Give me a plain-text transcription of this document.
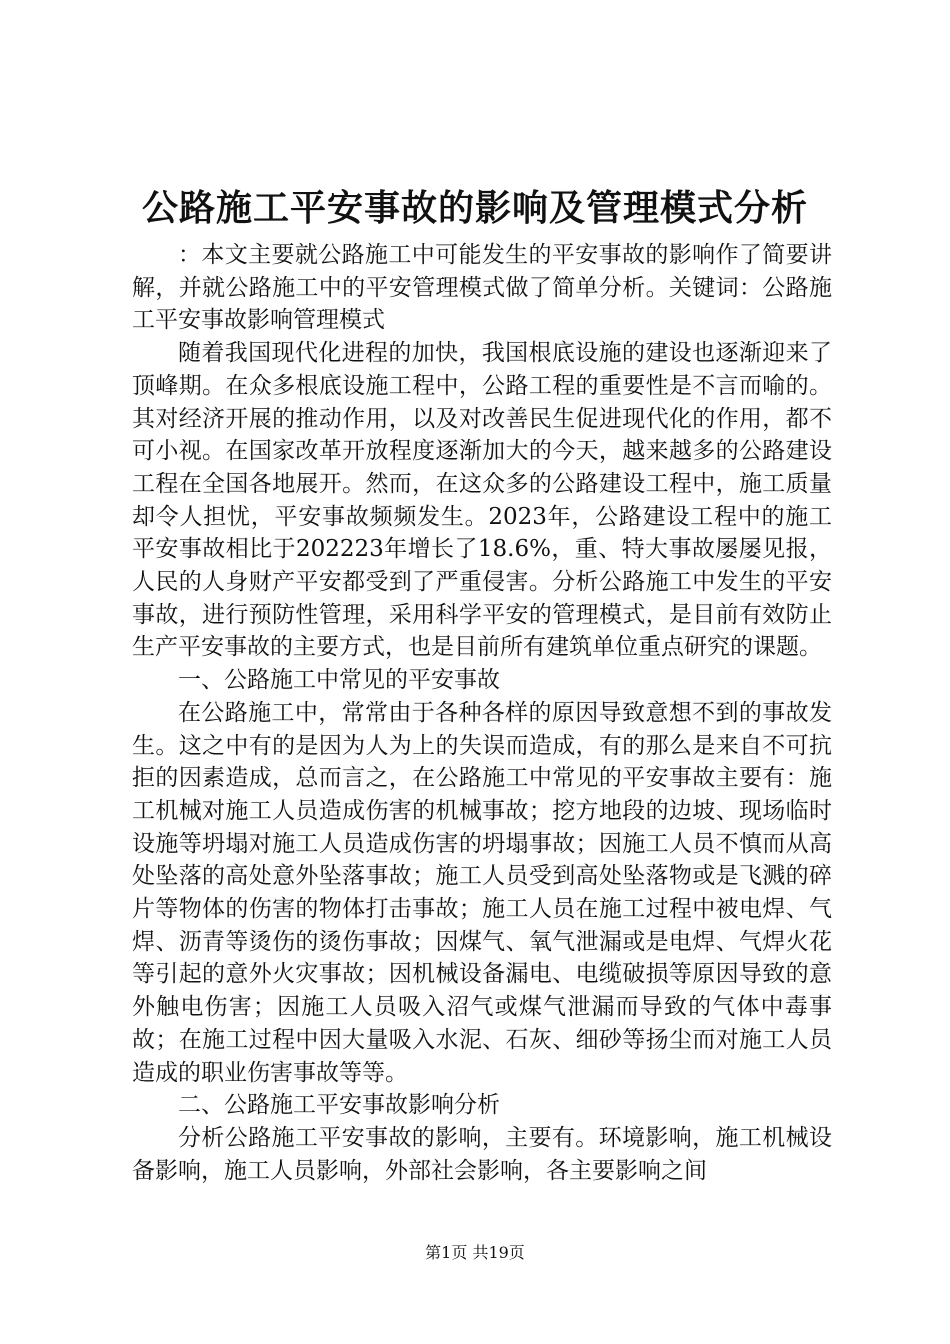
公路施工平安事故的影响及管理模式分析

：本文主要就公路施工中可能发生的平安事故的影响作了简要讲解，并就公路施工中的平安管理模式做了简单分析。关键词：公路施工平安事故影响管理模式

随着我国现代化进程的加快，我国根底设施的建设也逐渐迎来了顶峰期。在众多根底设施工程中，公路工程的重要性是不言而喻的。其对经济开展的推动作用，以及对改善民生促进现代化的作用，都不可小视。在国家改革开放程度逐渐加大的今天，越来越多的公路建设工程在全国各地展开。然而，在这众多的公路建设工程中，施工质量却令人担忧，平安事故频频发生。2023年，公路建设工程中的施工平安事故相比于202223年增长了18.6%，重、特大事故屡屡见报，人民的人身财产平安都受到了严重侵害。分析公路施工中发生的平安事故，进行预防性管理，采用科学平安的管理模式，是目前有效防止生产平安事故的主要方式，也是目前所有建筑单位重点研究的课题。

一、公路施工中常见的平安事故

在公路施工中，常常由于各种各样的原因导致意想不到的事故发生。这之中有的是因为人为上的失误而造成，有的那么是来自不可抗拒的因素造成，总而言之，在公路施工中常见的平安事故主要有：施工机械对施工人员造成伤害的机械事故；挖方地段的边坡、现场临时设施等坍塌对施工人员造成伤害的坍塌事故；因施工人员不慎而从高处坠落的高处意外坠落事故；施工人员受到高处坠落物或是飞溅的碎片等物体的伤害的物体打击事故；施工人员在施工过程中被电焊、气焊、沥青等烫伤的烫伤事故；因煤气、氧气泄漏或是电焊、气焊火花等引起的意外火灾事故；因机械设备漏电、电缆破损等原因导致的意外触电伤害；因施工人员吸入沼气或煤气泄漏而导致的气体中毒事故；在施工过程中因大量吸入水泥、石灰、细砂等扬尘而对施工人员造成的职业伤害事故等等。

二、公路施工平安事故影响分析

分析公路施工平安事故的影响，主要有。环境影响，施工机械设备影响，施工人员影响，外部社会影响，各主要影响之间

第1页 共19页
